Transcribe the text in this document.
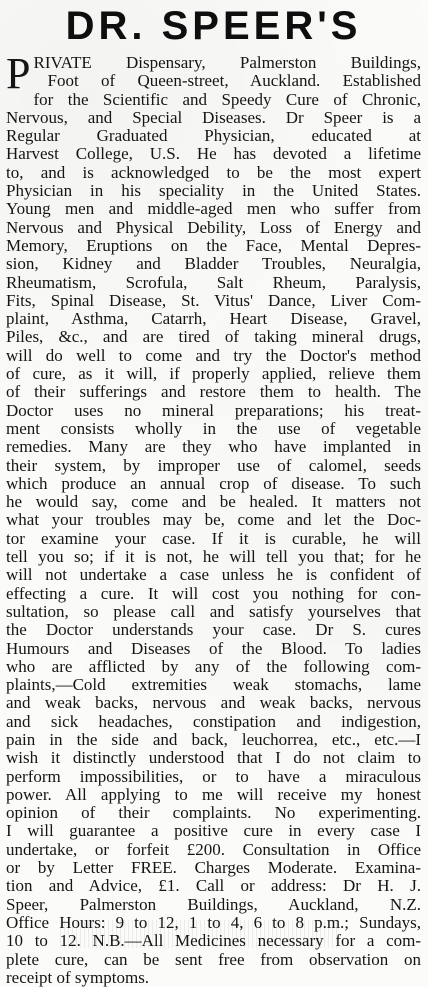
DR. SPEER'S
P RIVATE Dispensary, Palmerston Buildings,
Foot of Queen-street, Auckland. Established
for the Scientific and Speedy Cure of Chronic,
Nervous, and Special Diseases. Dr Speer is a
Regular Graduated Physician, educated at
Harvest College, U.S. He has devoted a lifetime
to, and is acknowledged to be the most expert
Physician in his speciality in the United States.
Young men and middle-aged men who suffer from
Nervous and Physical Debility, Loss of Energy and
Memory, Eruptions on the Face, Mental Depres-
sion, Kidney and Bladder Troubles, Neuralgia,
Rheumatism, Scrofula, Salt Rheum, Paralysis,
Fits, Spinal Disease, St. Vitus' Dance, Liver Com-
plaint, Asthma, Catarrh, Heart Disease, Gravel,
Piles, &c., and are tired of taking mineral drugs,
will do well to come and try the Doctor's method
of cure, as it will, if properly applied, relieve them
of their sufferings and restore them to health. The
Doctor uses no mineral preparations; his treat-
ment consists wholly in the use of vegetable
remedies. Many are they who have implanted in
their system, by improper use of calomel, seeds
which produce an annual crop of disease. To such
he would say, come and be healed. It matters not
what your troubles may be, come and let the Doc-
tor examine your case. If it is curable, he will
tell you so; if it is not, he will tell you that; for he
will not undertake a case unless he is confident of
effecting a cure. It will cost you nothing for con-
sultation, so please call and satisfy yourselves that
the Doctor understands your case. Dr S. cures
Humours and Diseases of the Blood. To ladies
who are afflicted by any of the following com-
plaints,—Cold extremities weak stomachs, lame
and weak backs, nervous and weak backs, nervous
and sick headaches, constipation and indigestion,
pain in the side and back, leuchorrea, etc., etc.—I
wish it distinctly understood that I do not claim to
perform impossibilities, or to have a miraculous
power. All applying to me will receive my honest
opinion of their complaints. No experimenting.
I will guarantee a positive cure in every case I
undertake, or forfeit £200. Consultation in Office
or by Letter FREE. Charges Moderate. Examina-
tion and Advice, £1. Call or address: Dr H. J.
Speer, Palmerston Buildings, Auckland, N.Z.
Office Hours: 9 to 12, 1 to 4, 6 to 8 p.m.; Sundays,
10 to 12. N.B.—All Medicines necessary for a com-
plete cure, can be sent free from observation on
receipt of symptoms.
